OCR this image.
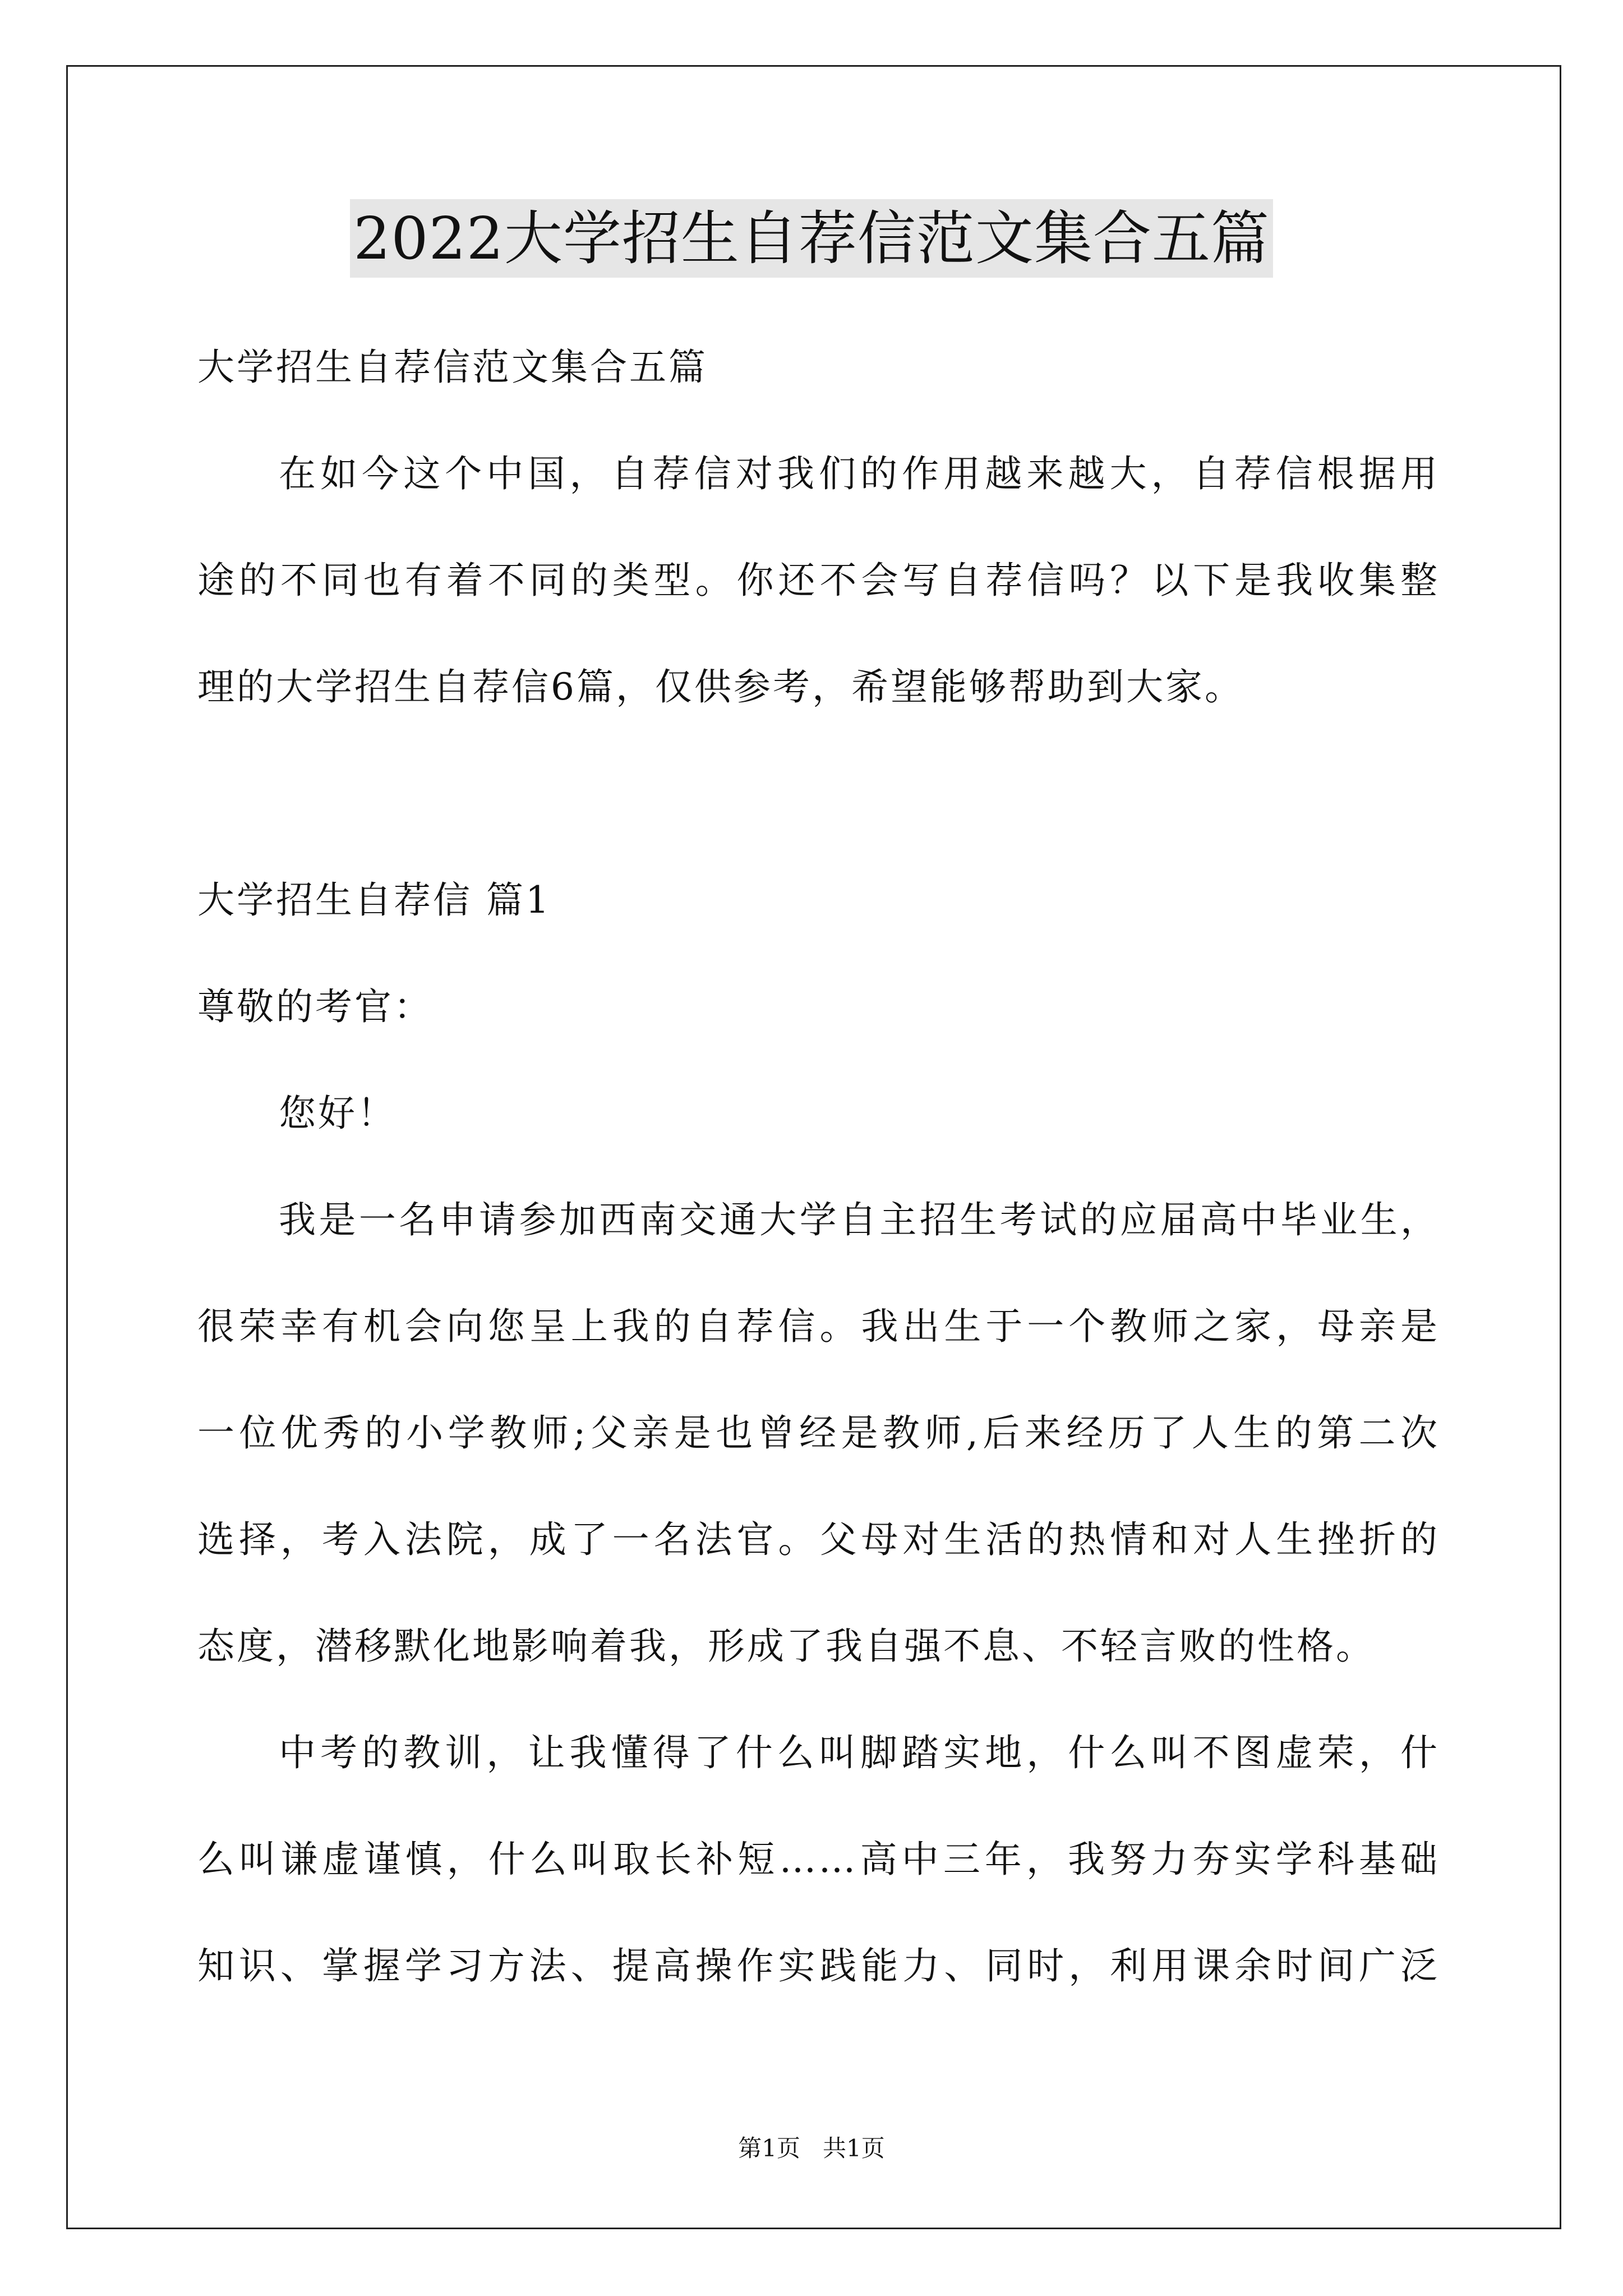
2022大学招生自荐信范文集合五篇
大学招生自荐信范文集合五篇
在如今这个中国，自荐信对我们的作用越来越大，自荐信根据用
途的不同也有着不同的类型。你还不会写自荐信吗？以下是我收集整
理的大学招生自荐信6篇，仅供参考，希望能够帮助到大家。
大学招生自荐信 篇1
尊敬的考官：
您好！
我是一名申请参加西南交通大学自主招生考试的应届高中毕业生，
很荣幸有机会向您呈上我的自荐信。我出生于一个教师之家，母亲是
一位优秀的小学教师;父亲是也曾经是教师,后来经历了人生的第二次
选择，考入法院，成了一名法官。父母对生活的热情和对人生挫折的
态度，潜移默化地影响着我，形成了我自强不息、不轻言败的性格。
中考的教训，让我懂得了什么叫脚踏实地，什么叫不图虚荣，什
么叫谦虚谨慎，什么叫取长补短……高中三年，我努力夯实学科基础
知识、掌握学习方法、提高操作实践能力、同时，利用课余时间广泛
第1页 共1页
